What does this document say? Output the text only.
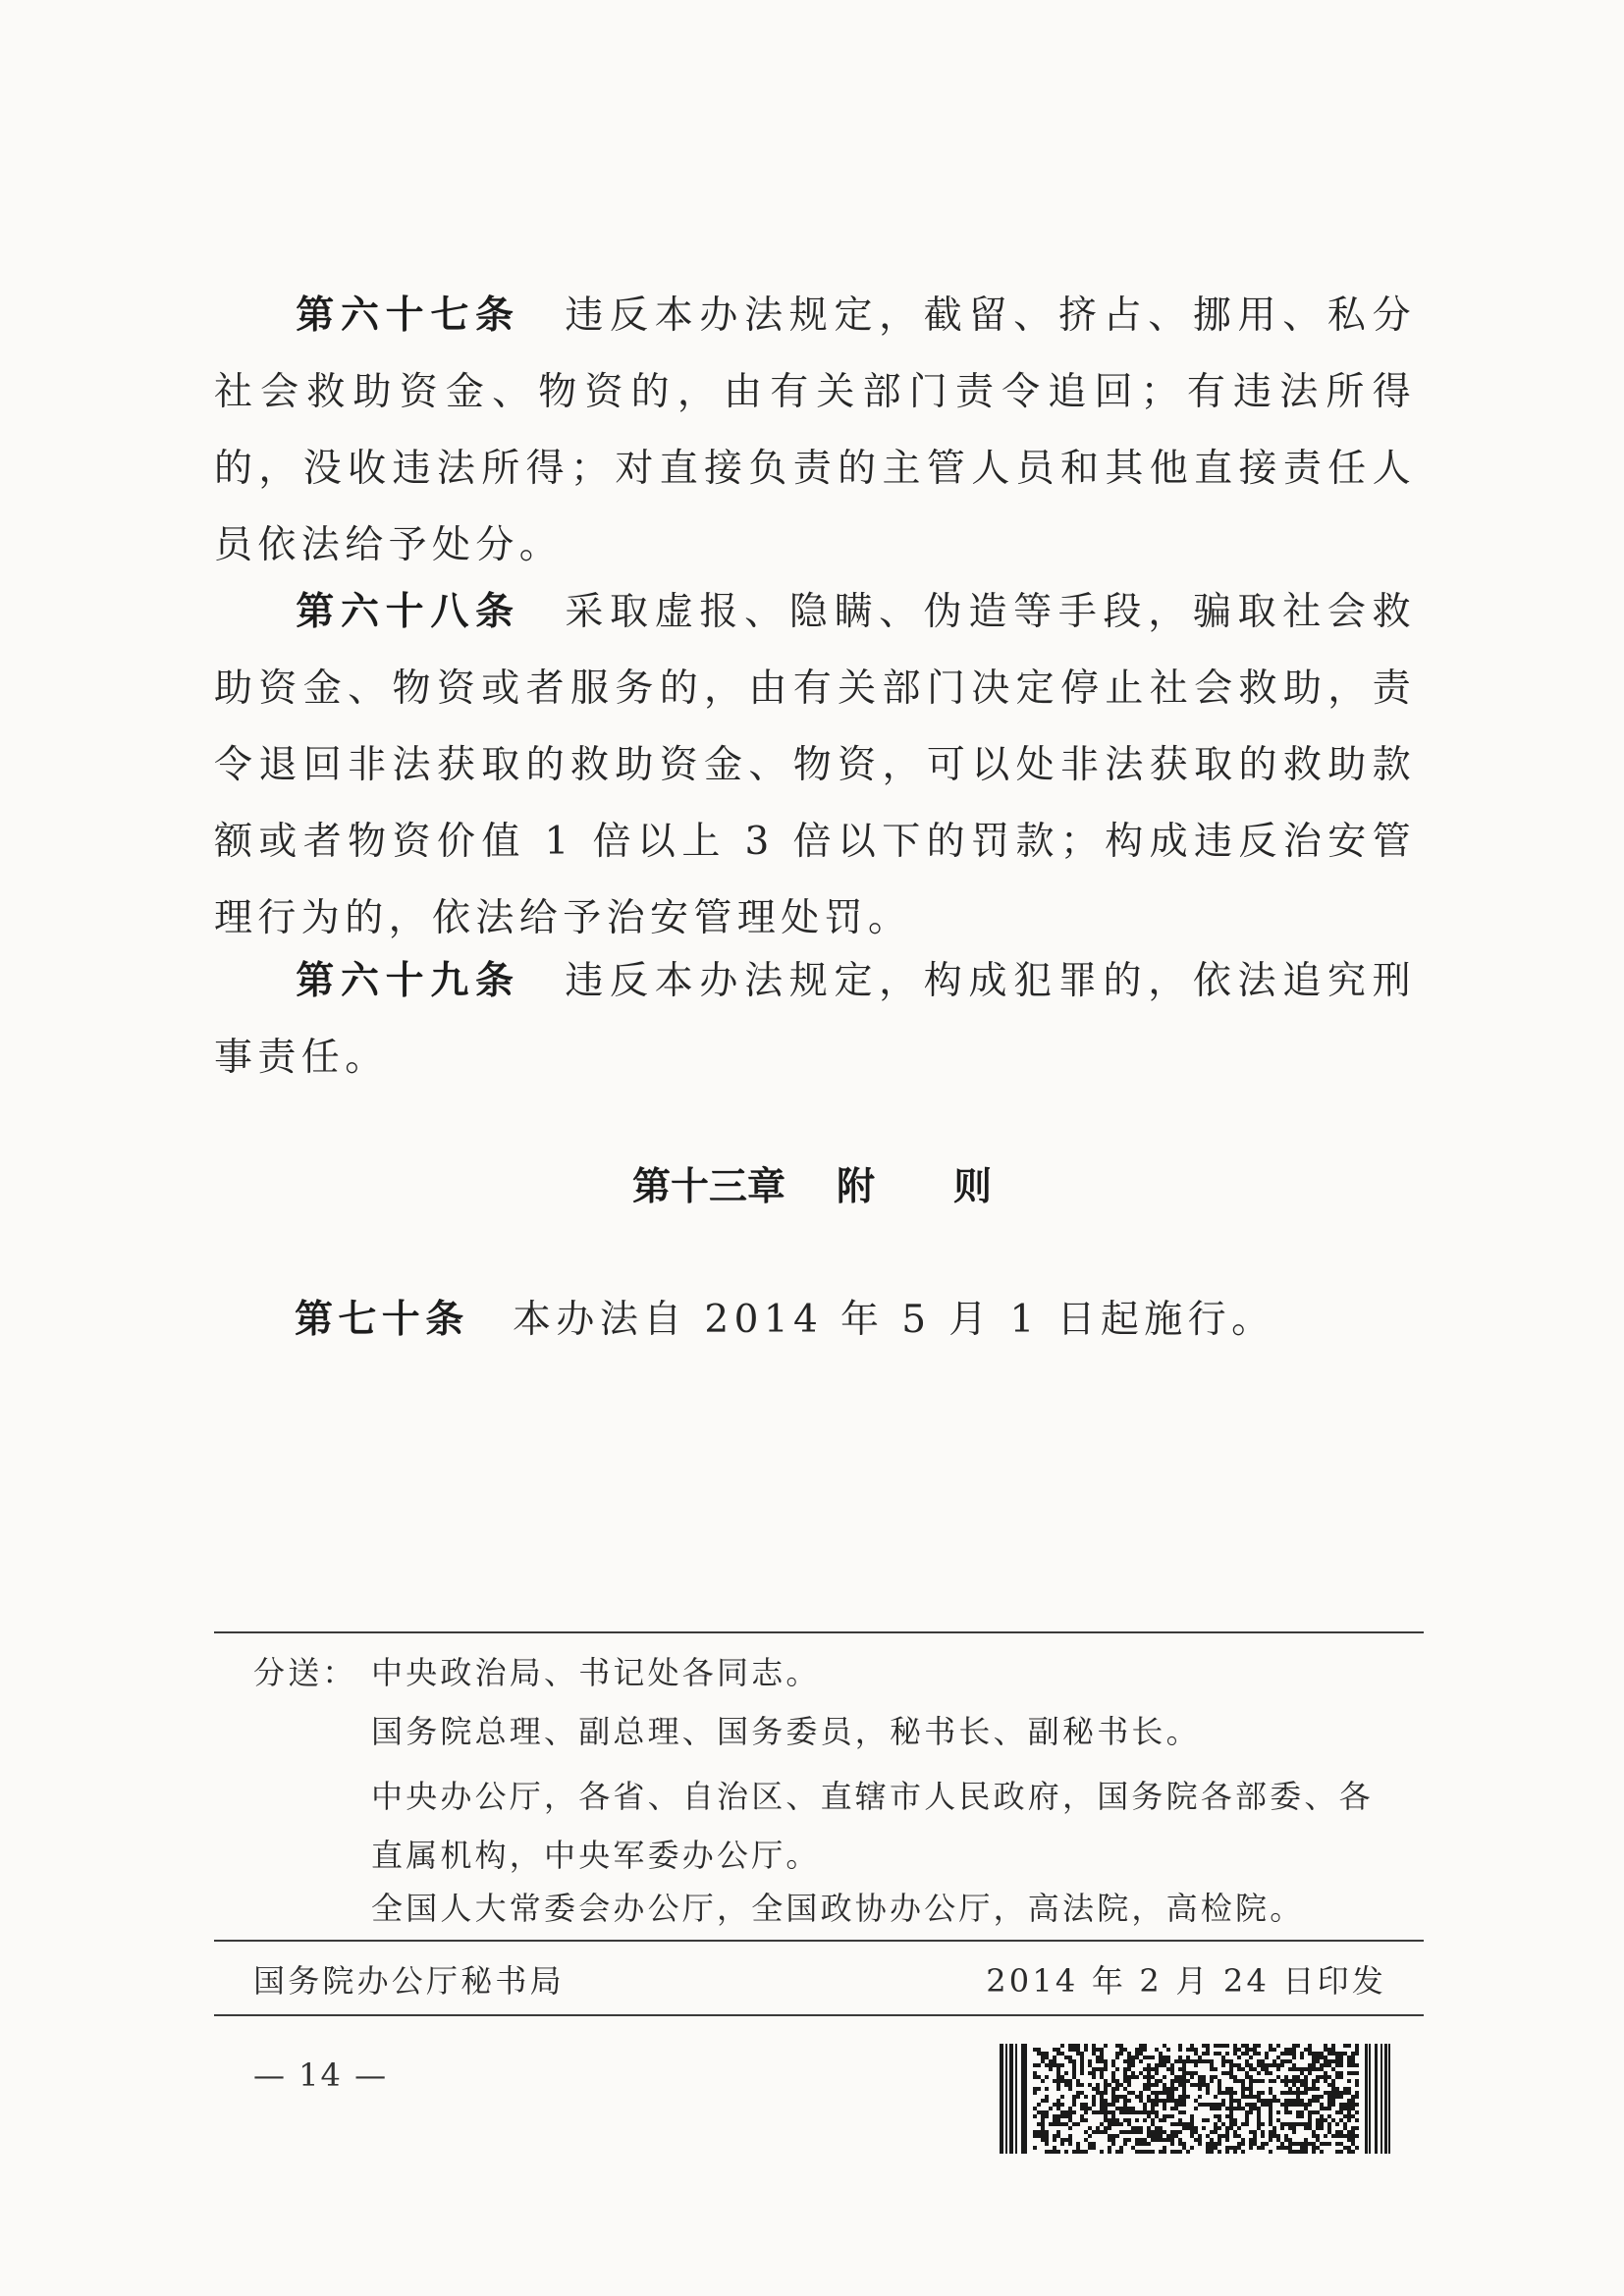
第六十七条　 违反本办法规定，截留、挤占、挪用、私分社会救助资金、物资的，由有关部门责令追回；有违法所得的，没收违法所得；对直接负责的主管人员和其他直接责任人员依法给予处分。

第六十八条　 采取虚报、隐瞒、伪造等手段，骗取社会救助资金、物资或者服务的，由有关部门决定停止社会救助，责令退回非法获取的救助资金、物资，可以处非法获取的救助款额或者物资价值 1 倍以上 3 倍以下的罚款；构成违反治安管理行为的，依法给予治安管理处罚。

第六十九条　 违反本办法规定，构成犯罪的，依法追究刑事责任。

第十三章 附 则

第七十条　 本办法自 2014 年 5 月 1 日起施行。

分送： 中央政治局、书记处各同志。
国务院总理、副总理、国务委员，秘书长、副秘书长。
中央办公厅，各省、自治区、直辖市人民政府，国务院各部委、各直属机构，中央军委办公厅。
全国人大常委会办公厅，全国政协办公厅，高法院，高检院。
国务院办公厅秘书局	2014 年 2 月 24 日印发
— 14 —
